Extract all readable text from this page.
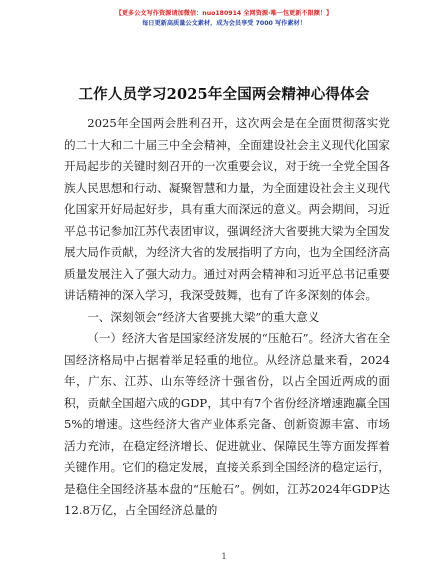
【更多公文写作资源请加微信：nuo180914 全网资源·唯一包更新不限额！】
每日更新高质量公文素材，成为会员享受 7000 写作素材！
工作人员学习2025年全国两会精神心得体会

2025年全国两会胜利召开，这次两会是在全面贯彻落实党的二十大和二十届三中全会精神，全面建设社会主义现代化国家开局起步的关键时刻召开的一次重要会议，对于统一全党全国各族人民思想和行动、凝聚智慧和力量，为全面建设社会主义现代化国家开好局起好步，具有重大而深远的意义。两会期间，习近平总书记参加江苏代表团审议，强调经济大省要挑大梁为全国发展大局作贡献，为经济大省的发展指明了方向，也为全国经济高质量发展注入了强大动力。通过对两会精神和习近平总书记重要讲话精神的深入学习，我深受鼓舞，也有了许多深刻的体会。

一、深刻领会“经济大省要挑大梁”的重大意义

（一）经济大省是国家经济发展的“压舱石”。经济大省在全国经济格局中占据着举足轻重的地位。从经济总量来看，2024年，广东、江苏、山东等经济十强省份，以占全国近两成的面积，贡献全国超六成的GDP，其中有7个省份经济增速跑赢全国5%的增速。这些经济大省产业体系完备、创新资源丰富、市场活力充沛，在稳定经济增长、促进就业、保障民生等方面发挥着关键作用。它们的稳定发展，直接关系到全国经济的稳定运行，是稳住全国经济基本盘的“压舱石”。例如，江苏2024年GDP达12.8万亿，占全国经济总量的

1
